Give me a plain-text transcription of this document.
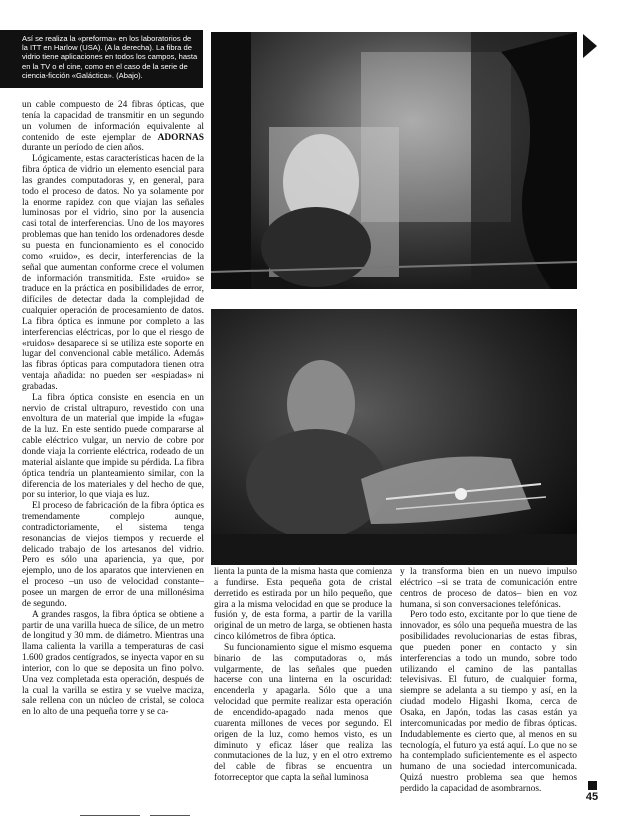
Así se realiza la «preforma» en los laboratorios de la ITT en Harlow (USA). (A la derecha). La fibra de vidrio tiene aplicaciones en todos los campos, hasta en la TV o el cine, como en el caso de la serie de ciencia-ficción «Galáctica». (Abajo).

un cable compuesto de 24 fibras ópticas, que tenía la capacidad de transmitir en un segundo un volumen de información equivalente al contenido de este ejemplar de ADORNAS durante un período de cien años.

Lógicamente, estas características hacen de la fibra óptica de vidrio un elemento esencial para las grandes computadoras y, en general, para todo el proceso de datos. No ya solamente por la enorme rapidez con que viajan las señales luminosas por el vidrio, sino por la ausencia casi total de interferencias. Uno de los mayores problemas que han tenido los ordenadores desde su puesta en funcionamiento es el conocido como «ruido», es decir, interferencias de la señal que aumentan conforme crece el volumen de información transmitida. Este «ruido» se traduce en la práctica en posibilidades de error, difíciles de detectar dada la complejidad de cualquier operación de procesamiento de datos. La fibra óptica es inmune por completo a las interferencias eléctricas, por lo que el riesgo de «ruidos» desaparece si se utiliza este soporte en lugar del convencional cable metálico. Además las fibras ópticas para computadora tienen otra ventaja añadida: no pueden ser «espiadas» ni grabadas.

La fibra óptica consiste en esencia en un nervio de cristal ultrapuro, revestido con una envoltura de un material que impide la «fuga» de la luz. En este sentido puede compararse al cable eléctrico vulgar, un nervio de cobre por donde viaja la corriente eléctrica, rodeado de un material aislante que impide su pérdida. La fibra óptica tendría un planteamiento similar, con la diferencia de los materiales y del hecho de que, por su interior, lo que viaja es luz.

El proceso de fabricación de la fibra óptica es tremendamente complejo aunque, contradictoriamente, el sistema tenga resonancias de viejos tiempos y recuerde el delicado trabajo de los artesanos del vidrio. Pero es sólo una apariencia, ya que, por ejemplo, uno de los aparatos que intervienen en el proceso –un uso de velocidad constante– posee un margen de error de una millonésima de segundo.

A grandes rasgos, la fibra óptica se obtiene a partir de una varilla hueca de sílice, de un metro de longitud y 30 mm. de diámetro. Mientras una llama calienta la varilla a temperaturas de casi 1.600 grados centígrados, se inyecta vapor en su interior, con lo que se deposita un fino polvo. Una vez completada esta operación, después de la cual la varilla se estira y se vuelve maciza, sale rellena con un núcleo de cristal, se coloca en lo alto de una pequeña torre y se ca-

lienta la punta de la misma hasta que comienza a fundirse. Esta pequeña gota de cristal derretido es estirada por un hilo pequeño, que gira a la misma velocidad en que se produce la fusión y, de esta forma, a partir de la varilla original de un metro de larga, se obtienen hasta cinco kilómetros de fibra óptica.

Su funcionamiento sigue el mismo esquema binario de las computadoras o, más vulgarmente, de las señales que pueden hacerse con una linterna en la oscuridad: encenderla y apagarla. Sólo que a una velocidad que permite realizar esta operación de encendido-apagado nada menos que cuarenta millones de veces por segundo. El origen de la luz, como hemos visto, es un diminuto y eficaz láser que realiza las conmutaciones de la luz, y en el otro extremo del cable de fibras se encuentra un fotorreceptor que capta la señal luminosa

y la transforma bien en un nuevo impulso eléctrico –si se trata de comunicación entre centros de proceso de datos– bien en voz humana, si son conversaciones telefónicas.

Pero todo esto, excitante por lo que tiene de innovador, es sólo una pequeña muestra de las posibilidades revolucionarias de estas fibras, que pueden poner en contacto y sin interferencias a todo un mundo, sobre todo utilizando el camino de las pantallas televisivas. El futuro, de cualquier forma, siempre se adelanta a su tiempo y así, en la ciudad modelo Higashi Ikoma, cerca de Osaka, en Japón, todas las casas están ya intercomunicadas por medio de fibras ópticas. Indudablemente es cierto que, al menos en su tecnología, el futuro ya está aquí. Lo que no se ha contemplado suficientemente es el aspecto humano de una sociedad intercomunicada. Quizá nuestro problema sea que hemos perdido la capacidad de asombrarnos.

45
